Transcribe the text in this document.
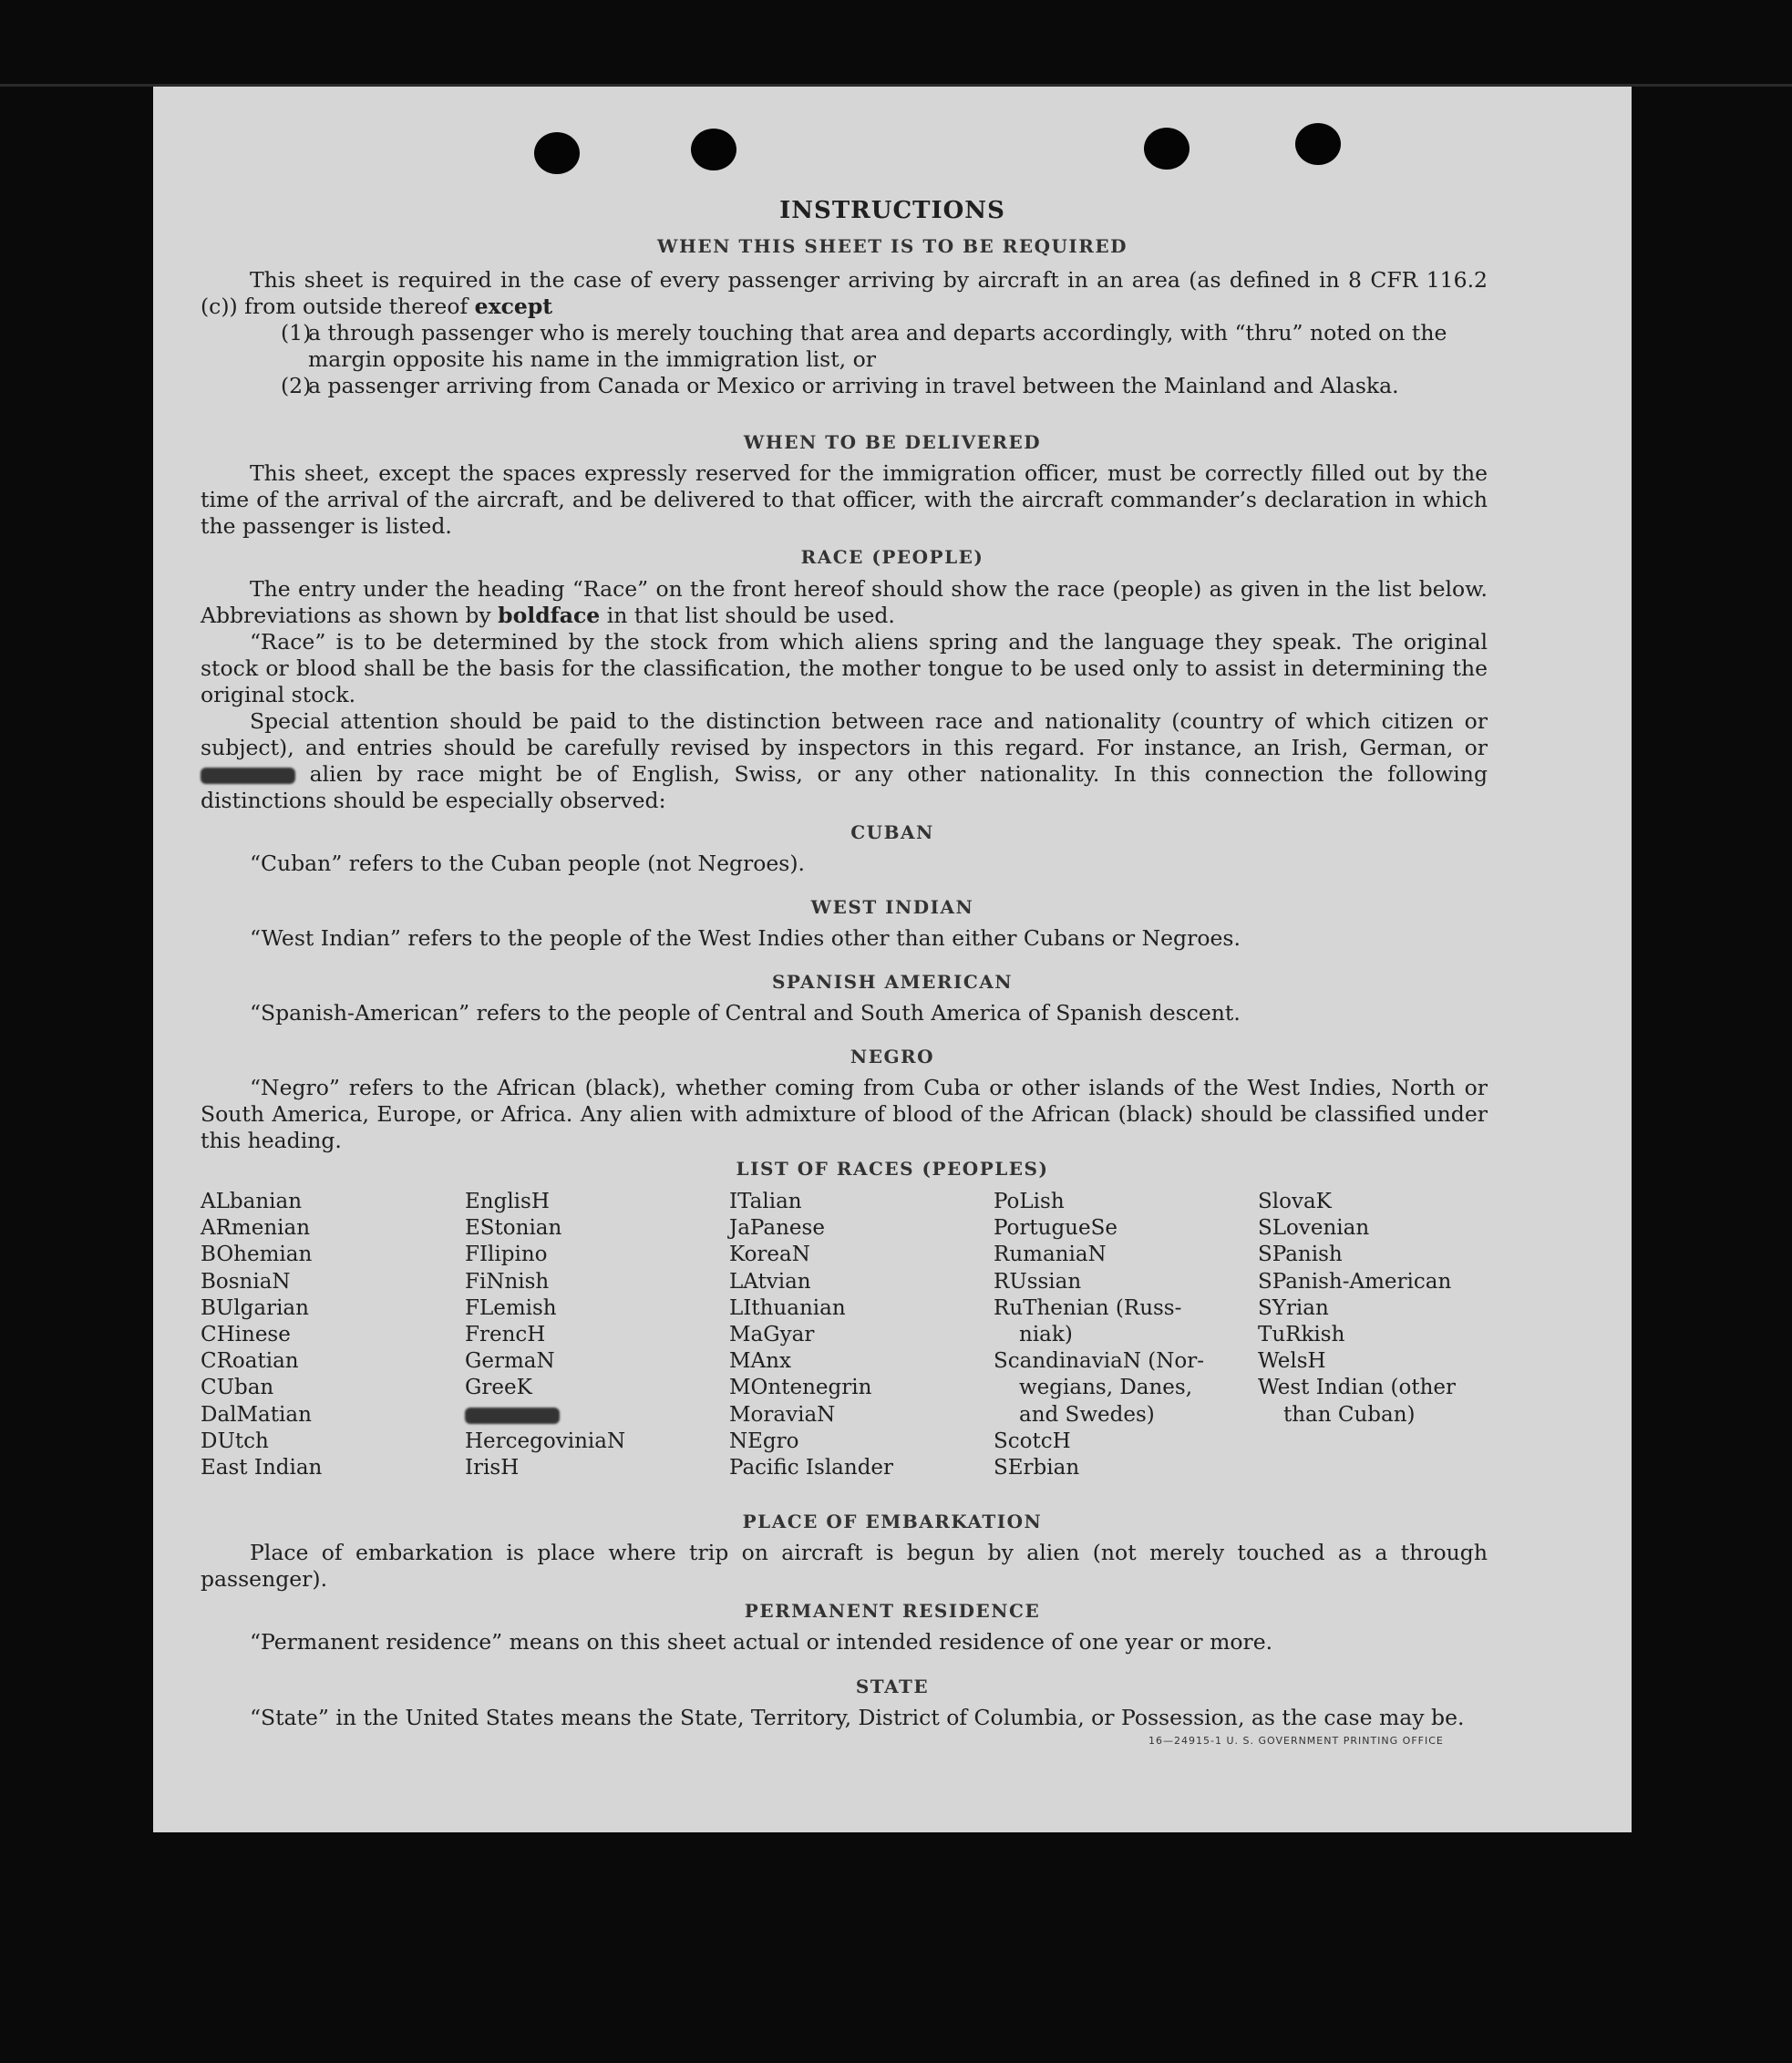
INSTRUCTIONS
WHEN THIS SHEET IS TO BE REQUIRED
This sheet is required in the case of every passenger arriving by aircraft in an area (as defined in 8 CFR 116.2 (c)) from outside thereof except
(1)
a through passenger who is merely touching that area and departs accordingly, with “thru” noted on the margin opposite his name in the immigration list, or
(2)
a passenger arriving from Canada or Mexico or arriving in travel between the Mainland and Alaska.
WHEN TO BE DELIVERED
This sheet, except the spaces expressly reserved for the immigration officer, must be correctly filled out by the time of the arrival of the aircraft, and be delivered to that officer, with the aircraft commander’s declaration in which the passenger is listed.
RACE (PEOPLE)
The entry under the heading “Race” on the front hereof should show the race (people) as given in the list below. Abbreviations as shown by boldface in that list should be used.
“Race” is to be determined by the stock from which aliens spring and the language they speak. The original stock or blood shall be the basis for the classification, the mother tongue to be used only to assist in determining the original stock.
Special attention should be paid to the distinction between race and nationality (country of which citizen or subject), and entries should be carefully revised by inspectors in this regard. For instance, an Irish, German, or  alien by race might be of English, Swiss, or any other nationality. In this connection the following distinctions should be especially observed:
CUBAN
“Cuban” refers to the Cuban people (not Negroes).
WEST INDIAN
“West Indian” refers to the people of the West Indies other than either Cubans or Negroes.
SPANISH AMERICAN
“Spanish-American” refers to the people of Central and South America of Spanish descent.
NEGRO
“Negro” refers to the African (black), whether coming from Cuba or other islands of the West Indies, North or South America, Europe, or Africa. Any alien with admixture of blood of the African (black) should be classified under this heading.
LIST OF RACES (PEOPLES)
ALbanian
ARmenian
BOhemian
BosniaN
BUlgarian
CHinese
CRoatian
CUban
DalMatian
DUtch
East Indian
EnglisH
EStonian
FIlipino
FiNnish
FLemish
FrencH
GermaN
GreeK
HercegoviniaN
IrisH
ITalian
JaPanese
KoreaN
LAtvian
LIthuanian
MaGyar
MAnx
MOntenegrin
MoraviaN
NEgro
Pacific Islander
PoLish
PortugueSe
RumaniaN
RUssian
RuThenian (Russ-
niak)
ScandinaviaN (Nor-
wegians, Danes,
and Swedes)
ScotcH
SErbian
SlovaK
SLovenian
SPanish
SPanish-American
SYrian
TuRkish
WelsH
West Indian (other
than Cuban)
PLACE OF EMBARKATION
Place of embarkation is place where trip on aircraft is begun by alien (not merely touched as a through passenger).
PERMANENT RESIDENCE
“Permanent residence” means on this sheet actual or intended residence of one year or more.
STATE
“State” in the United States means the State, Territory, District of Columbia, or Possession, as the case may be.
16—24915-1 U. S. GOVERNMENT PRINTING OFFICE
